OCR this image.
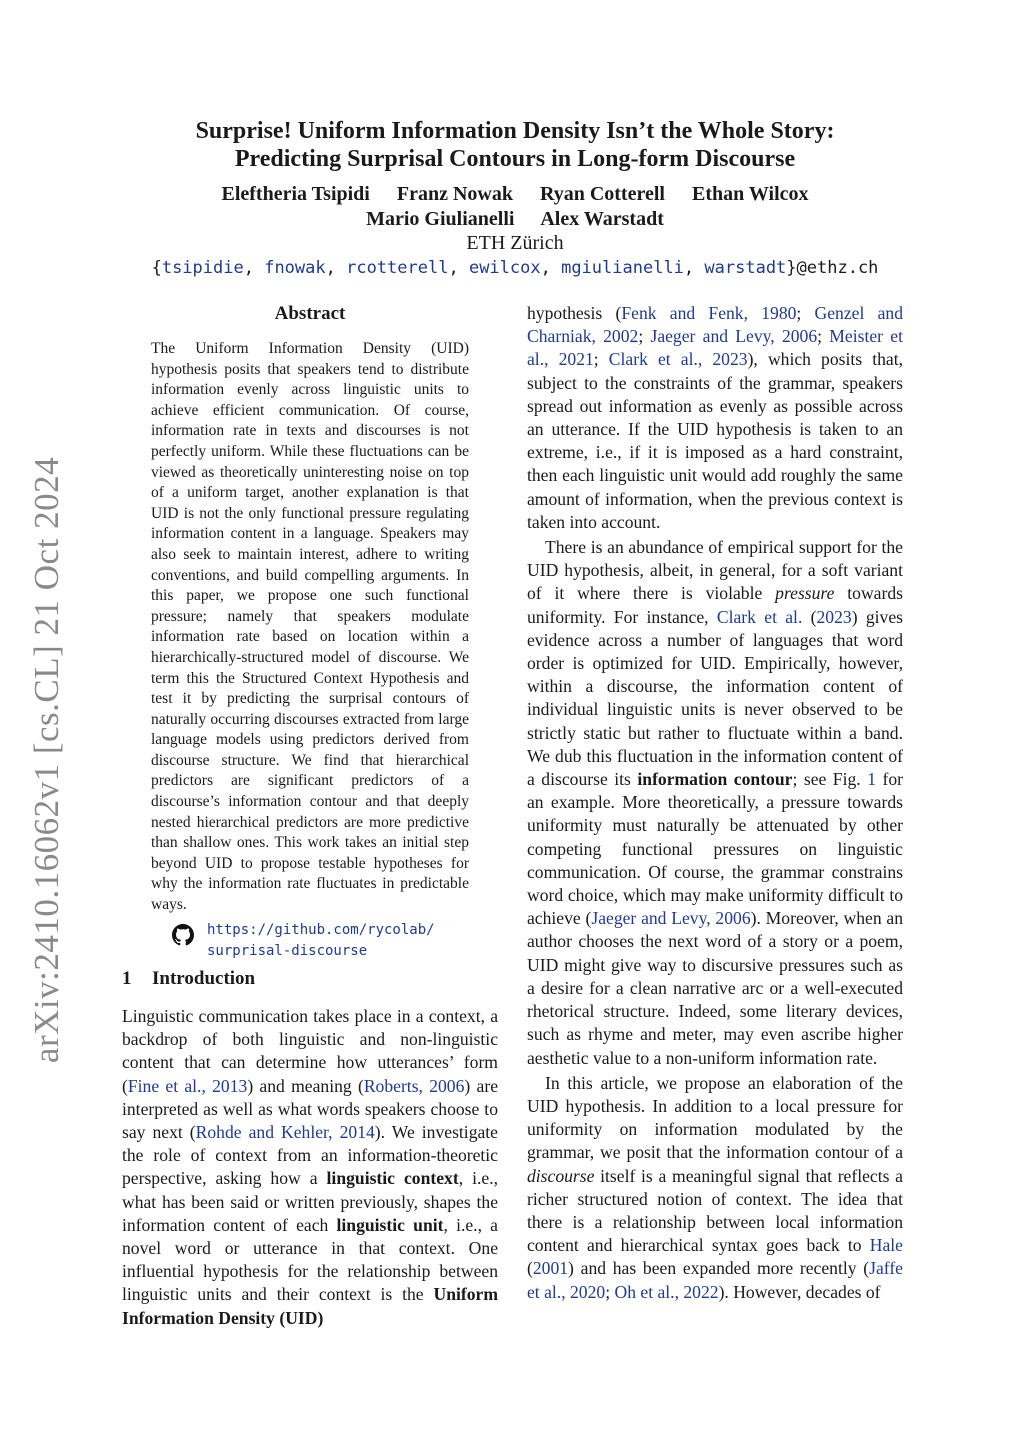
arXiv:2410.16062v1 [cs.CL] 21 Oct 2024
Surprise! Uniform Information Density Isn’t the Whole Story:
Predicting Surprisal Contours in Long-form Discourse
Eleftheria Tsipidi Franz Nowak Ryan Cotterell Ethan Wilcox
Mario Giulianelli Alex Warstadt
ETH Zürich
{tsipidie, fnowak, rcotterell, ewilcox, mgiulianelli, warstadt}@ethz.ch
Abstract
The Uniform Information Density (UID) hypothesis posits that speakers tend to distribute information evenly across linguistic units to achieve efficient communication. Of course, information rate in texts and discourses is not perfectly uniform. While these fluctuations can be viewed as theoretically uninteresting noise on top of a uniform target, another explanation is that UID is not the only functional pressure regulating information content in a language. Speakers may also seek to maintain interest, adhere to writing conventions, and build compelling arguments. In this paper, we propose one such functional pressure; namely that speakers modulate information rate based on location within a hierarchically-structured model of discourse. We term this the Structured Context Hypothesis and test it by predicting the surprisal contours of naturally occurring discourses extracted from large language models using predictors derived from discourse structure. We find that hierarchical predictors are significant predictors of a discourse’s information contour and that deeply nested hierarchical predictors are more predictive than shallow ones. This work takes an initial step beyond UID to propose testable hypotheses for why the information rate fluctuates in predictable ways.
https://github.com/rycolab/
surprisal-discourse
1 Introduction

Linguistic communication takes place in a context, a backdrop of both linguistic and non-linguistic content that can determine how utterances’ form (Fine et al., 2013) and meaning (Roberts, 2006) are interpreted as well as what words speakers choose to say next (Rohde and Kehler, 2014). We investigate the role of context from an information-theoretic perspective, asking how a linguistic context, i.e., what has been said or written previously, shapes the information content of each linguistic unit, i.e., a novel word or utterance in that context. One influential hypothesis for the relationship between linguistic units and their context is the Uniform Information Density (UID)

hypothesis (Fenk and Fenk, 1980; Genzel and Charniak, 2002; Jaeger and Levy, 2006; Meister et al., 2021; Clark et al., 2023), which posits that, subject to the constraints of the grammar, speakers spread out information as evenly as possible across an utterance. If the UID hypothesis is taken to an extreme, i.e., if it is imposed as a hard constraint, then each linguistic unit would add roughly the same amount of information, when the previous context is taken into account.

There is an abundance of empirical support for the UID hypothesis, albeit, in general, for a soft variant of it where there is violable pressure towards uniformity. For instance, Clark et al. (2023) gives evidence across a number of languages that word order is optimized for UID. Empirically, however, within a discourse, the information content of individual linguistic units is never observed to be strictly static but rather to fluctuate within a band. We dub this fluctuation in the information content of a discourse its information contour; see Fig. 1 for an example. More theoretically, a pressure towards uniformity must naturally be attenuated by other competing functional pressures on linguistic communication. Of course, the grammar constrains word choice, which may make uniformity difficult to achieve (Jaeger and Levy, 2006). Moreover, when an author chooses the next word of a story or a poem, UID might give way to discursive pressures such as a desire for a clean narrative arc or a well-executed rhetorical structure. Indeed, some literary devices, such as rhyme and meter, may even ascribe higher aesthetic value to a non-uniform information rate.

In this article, we propose an elaboration of the UID hypothesis. In addition to a local pressure for uniformity on information modulated by the grammar, we posit that the information contour of a discourse itself is a meaningful signal that reflects a richer structured notion of context. The idea that there is a relationship between local information content and hierarchical syntax goes back to Hale (2001) and has been expanded more recently (Jaffe et al., 2020; Oh et al., 2022). However, decades of
